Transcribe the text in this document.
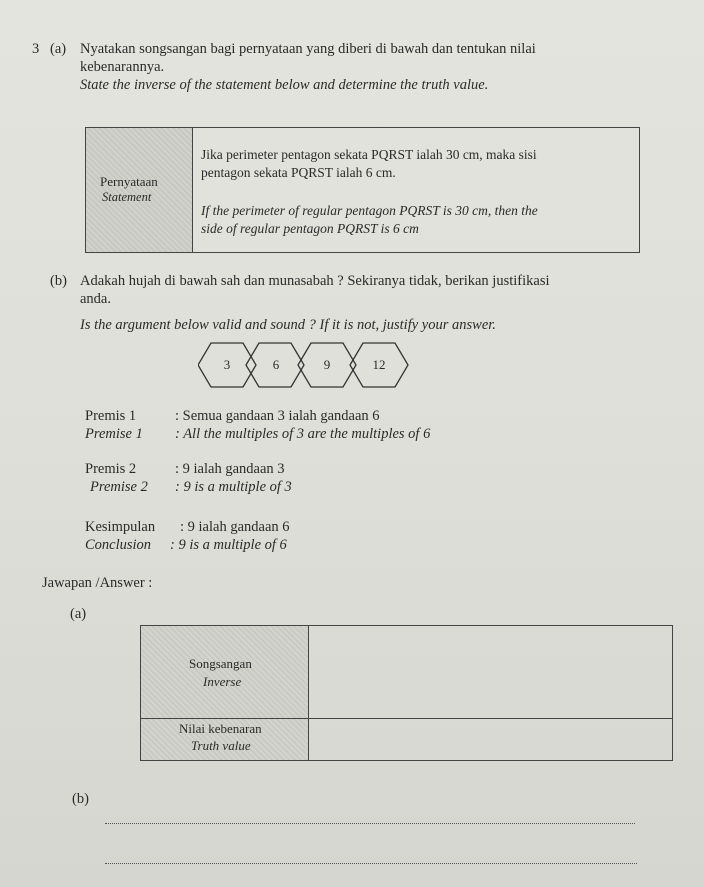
3 (a) Nyatakan songsangan bagi pernyataan yang diberi di bawah dan tentukan nilai
kebenarannya.
State the inverse of the statement below and determine the truth value.
Pernyataan
Statement
Jika perimeter pentagon sekata PQRST ialah 30 cm, maka sisi
pentagon sekata PQRST ialah 6 cm.
If the perimeter of regular pentagon PQRST is 30 cm, then the
side of regular pentagon PQRST is 6 cm
(b) Adakah hujah di bawah sah dan munasabah ? Sekiranya tidak, berikan justifikasi
anda.
Is the argument below valid and sound ? If it is not, justify your answer.
3	6	9	12
Premis 1	: Semua gandaan 3 ialah gandaan 6
Premise 1 : All the multiples of 3 are the multiples of 6
Premis 2	: 9 ialah gandaan 3
Premise 2 : 9 is a multiple of 3
Kesimpulan : 9 ialah gandaan 6
Conclusion : 9 is a multiple of 6
Jawapan /Answer :
(a)
Songsangan
Inverse
Nilai kebenaran
Truth value
(b)
